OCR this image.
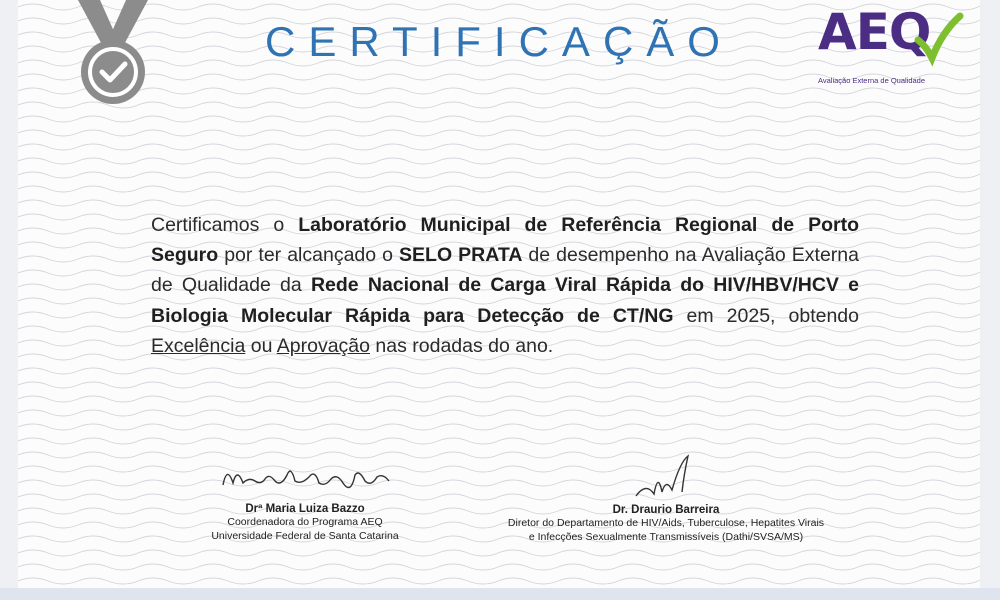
CERTIFICAÇÃO	AEQ
Avaliação Externa de Qualidade
Certificamos o Laboratório Municipal de Referência Regional de Porto Seguro por ter alcançado o SELO PRATA de desempenho na Avaliação Externa de Qualidade da Rede Nacional de Carga Viral Rápida do HIV/HBV/HCV e Biologia Molecular Rápida para Detecção de CT/NG em 2025, obtendo Excelência ou Aprovação nas rodadas do ano.
Drª Maria Luiza Bazzo
Coordenadora do Programa AEQ
Universidade Federal de Santa Catarina
Dr. Draurio Barreira
Diretor do Departamento de HIV/Aids, Tuberculose, Hepatites Virais
e Infecções Sexualmente Transmissíveis (Dathi/SVSA/MS)
